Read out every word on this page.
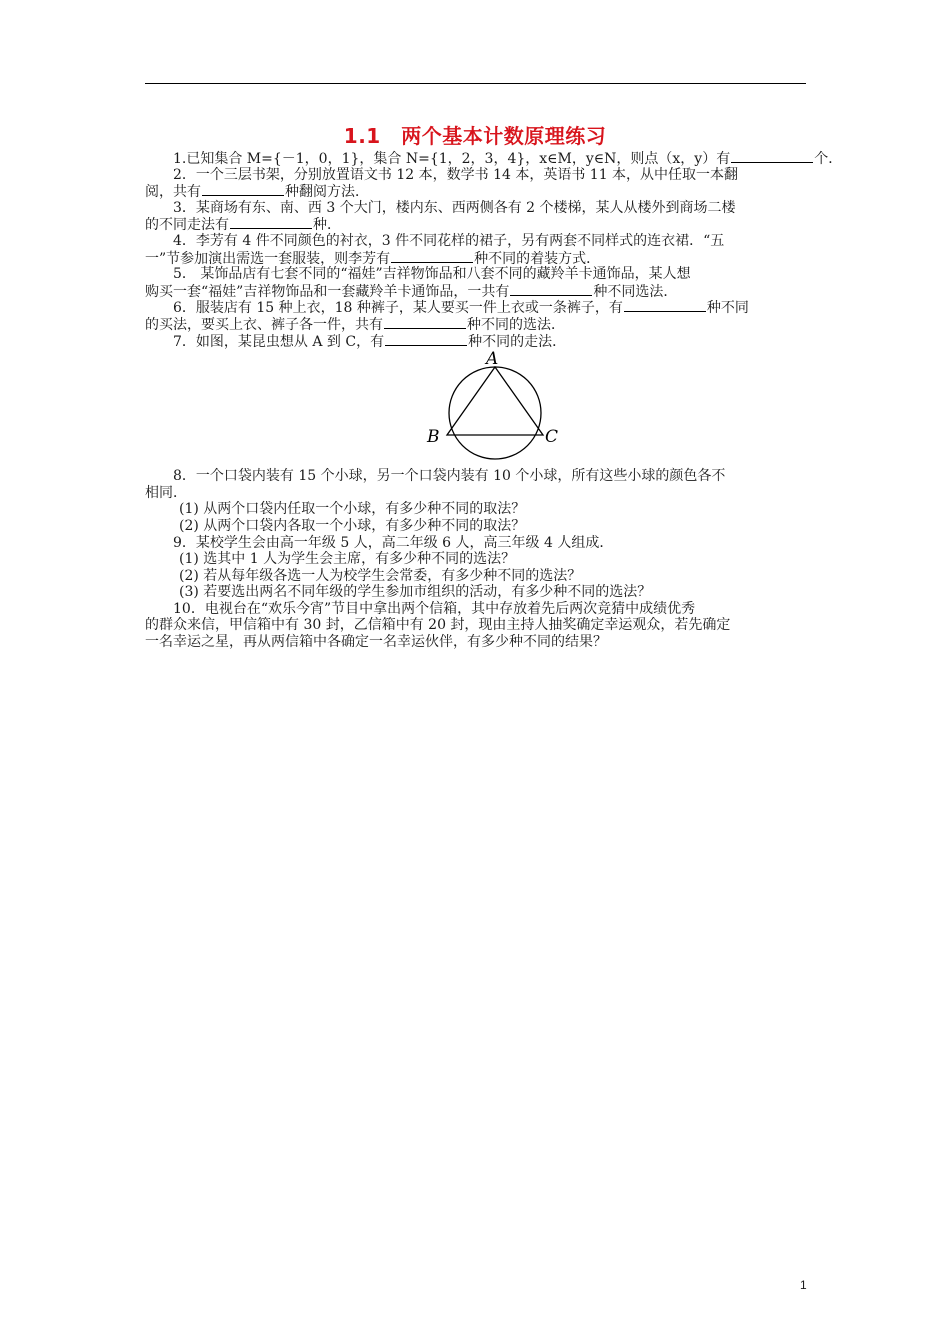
1.1　两个基本计数原理练习
1.已知集合 M={－1，0，1}，集合 N={1，2，3，4}，x∈M，y∈N，则点（x，y）有	个．
2．一个三层书架，分别放置语文书 12 本，数学书 14 本，英语书 11 本，从中任取一本翻
阅，共有	种翻阅方法．
3．某商场有东、南、西 3 个大门，楼内东、西两侧各有 2 个楼梯，某人从楼外到商场二楼
的不同走法有	种．
4．李芳有 4 件不同颜色的衬衣，3 件不同花样的裙子，另有两套不同样式的连衣裙．“五
一”节参加演出需选一套服装，则李芳有	种不同的着装方式．
5． 某饰品店有七套不同的“福娃”吉祥物饰品和八套不同的藏羚羊卡通饰品，某人想
购买一套“福娃”吉祥物饰品和一套藏羚羊卡通饰品，一共有	种不同选法．
6．服装店有 15 种上衣，18 种裤子，某人要买一件上衣或一条裤子，有	种不同
的买法，要买上衣、裤子各一件，共有	种不同的选法．
7．如图，某昆虫想从 A 到 C，有	种不同的走法．
8．一个口袋内装有 15 个小球，另一个口袋内装有 10 个小球，所有这些小球的颜色各不
相同．
(1) 从两个口袋内任取一个小球，有多少种不同的取法？
(2) 从两个口袋内各取一个小球，有多少种不同的取法？
9．某校学生会由高一年级 5 人，高二年级 6 人，高三年级 4 人组成．
(1) 选其中 1 人为学生会主席，有多少种不同的选法？
(2) 若从每年级各选一人为校学生会常委，有多少种不同的选法？
(3) 若要选出两名不同年级的学生参加市组织的活动，有多少种不同的选法？
10．电视台在“欢乐今宵”节目中拿出两个信箱，其中存放着先后两次竞猜中成绩优秀
的群众来信，甲信箱中有 30 封，乙信箱中有 20 封，现由主持人抽奖确定幸运观众，若先确定
一名幸运之星，再从两信箱中各确定一名幸运伙伴，有多少种不同的结果？
A
B	C
1
